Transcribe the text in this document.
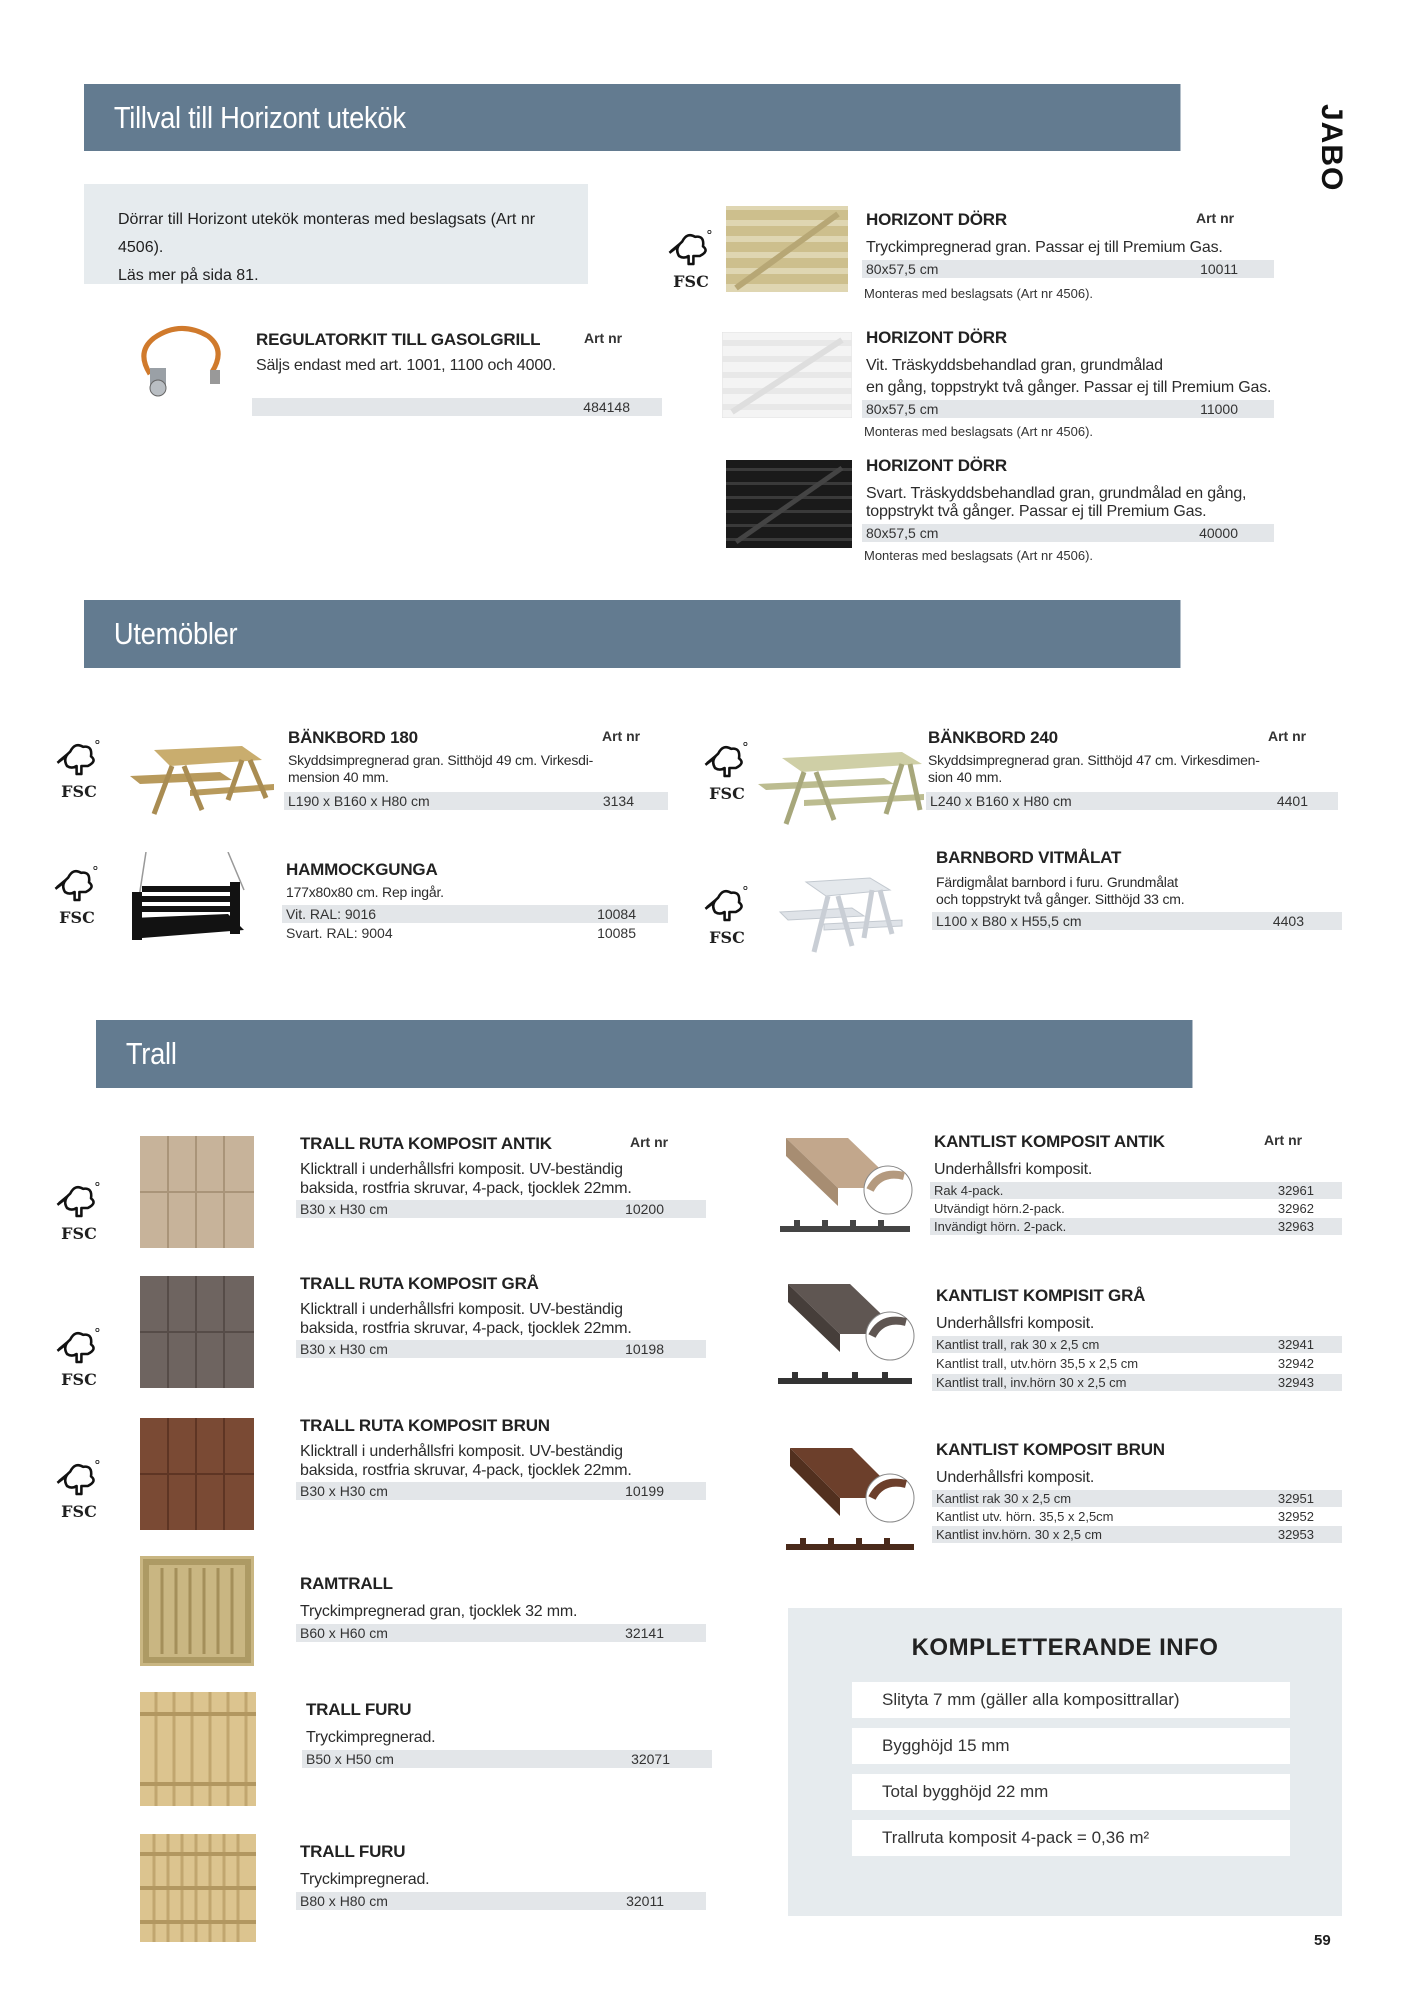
JABO
Tillval till Horizont utekök
Dörrar till Horizont utekök monteras med beslagsats (Art nr 4506).
Läs mer på sida 81.
REGULATORKIT TILL GASOLGRILL	Art nr
Säljs endast med art. 1001, 1100 och 4000.
484148
FSC
HORIZONT DÖRR	Art nr
Tryckimpregnerad gran. Passar ej till Premium Gas.
80x57,5 cm	10011
Monteras med beslagsats (Art nr 4506).
HORIZONT DÖRR
Vit. Träskyddsbehandlad gran, grundmålad
en gång, toppstrykt två gånger. Passar ej till Premium Gas.
80x57,5 cm	11000
Monteras med beslagsats (Art nr 4506).
HORIZONT DÖRR
Svart. Träskyddsbehandlad gran, grundmålad en gång,
toppstrykt två gånger. Passar ej till Premium Gas.
80x57,5 cm	40000
Monteras med beslagsats (Art nr 4506).
Utemöbler
FSC
BÄNKBORD 180	Art nr
Skyddsimpregnerad gran. Sitthöjd 49 cm. Virkesdi-
mension 40 mm.
L190 x B160 x H80 cm	3134	FSC
BÄNKBORD 240	Art nr
Skyddsimpregnerad gran. Sitthöjd 47 cm. Virkesdimen-
sion 40 mm.
L240 x B160 x H80 cm	4401
FSC
HAMMOCKGUNGA
177x80x80 cm. Rep ingår.
Vit. RAL: 9016	10084
Svart. RAL: 9004	10085	FSC
BARNBORD VITMÅLAT
Färdigmålat barnbord i furu. Grundmålat
och toppstrykt två gånger. Sitthöjd 33 cm.
L100 x B80 x H55,5 cm	4403
Trall
FSC
FSC
FSC
TRALL RUTA KOMPOSIT ANTIK	Art nr
Klicktrall i underhållsfri komposit. UV-beständig
baksida, rostfria skruvar, 4-pack, tjocklek 22mm.
B30 x H30 cm	10200
TRALL RUTA KOMPOSIT GRÅ
Klicktrall i underhållsfri komposit. UV-beständig
baksida, rostfria skruvar, 4-pack, tjocklek 22mm.
B30 x H30 cm	10198
TRALL RUTA KOMPOSIT BRUN
Klicktrall i underhållsfri komposit. UV-beständig
baksida, rostfria skruvar, 4-pack, tjocklek 22mm.
B30 x H30 cm	10199
RAMTRALL
Tryckimpregnerad gran, tjocklek 32 mm.
B60 x H60 cm	32141
TRALL FURU
Tryckimpregnerad.
B50 x H50 cm	32071
TRALL FURU
Tryckimpregnerad.
B80 x H80 cm	32011
KANTLIST KOMPOSIT ANTIK	Art nr
Underhållsfri komposit.
Rak 4-pack.	32961
Utvändigt hörn.2-pack.	32962
Invändigt hörn. 2-pack.	32963
KANTLIST KOMPISIT GRÅ
Underhållsfri komposit.
Kantlist trall, rak 30 x 2,5 cm	32941
Kantlist trall, utv.hörn 35,5 x 2,5 cm	32942
Kantlist trall, inv.hörn 30 x 2,5 cm	32943
KANTLIST KOMPOSIT BRUN
Underhållsfri komposit.
Kantlist rak 30 x 2,5 cm	32951
Kantlist utv. hörn. 35,5 x 2,5cm	32952
Kantlist inv.hörn. 30 x 2,5 cm	32953
KOMPLETTERANDE INFO
Slityta 7 mm (gäller alla komposittrallar)
Bygghöjd 15 mm
Total bygghöjd 22 mm
Trallruta komposit 4-pack = 0,36 m²
59
